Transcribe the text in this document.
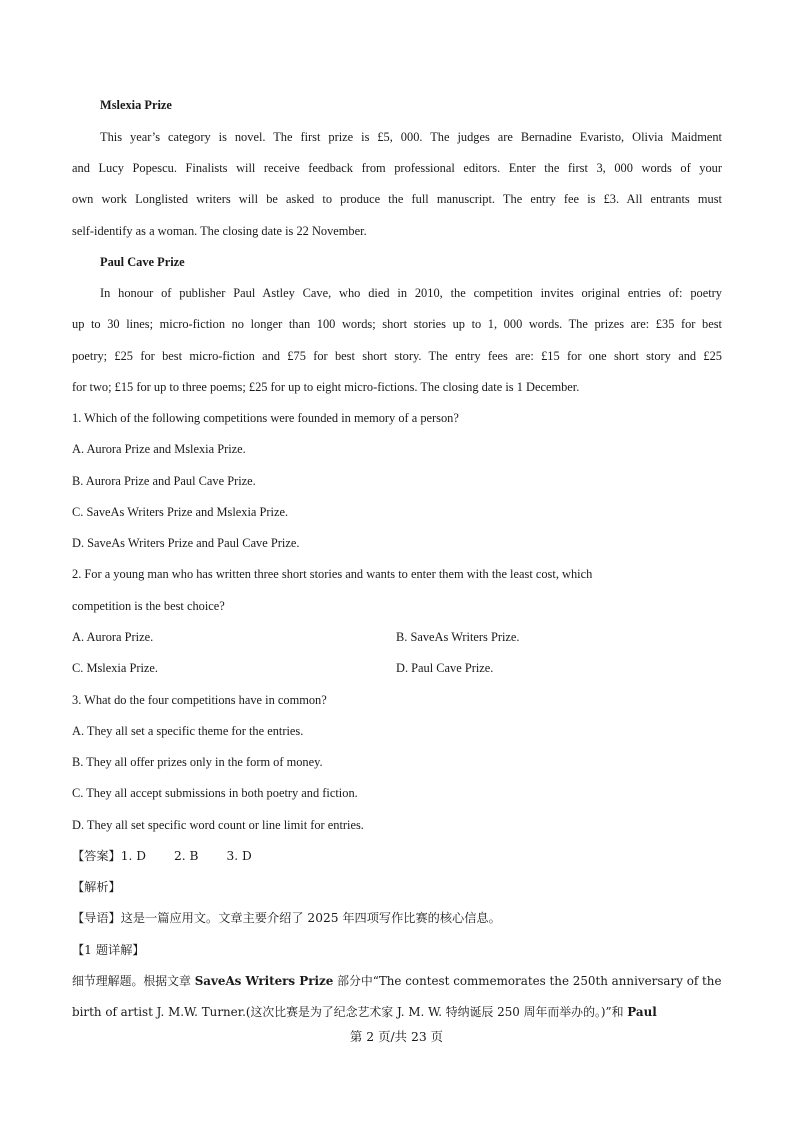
Mslexia Prize
This year’s category is novel. The first prize is £5, 000. The judges are Bernadine Evaristo, Olivia Maidment
and Lucy Popescu. Finalists will receive feedback from professional editors. Enter the first 3, 000 words of your
own work Longlisted writers will be asked to produce the full manuscript. The entry fee is £3. All entrants must
self-identify as a woman. The closing date is 22 November.
Paul Cave Prize
In honour of publisher Paul Astley Cave, who died in 2010, the competition invites original entries of: poetry
up to 30 lines; micro-fiction no longer than 100 words; short stories up to 1, 000 words. The prizes are: £35 for best
poetry; £25 for best micro-fiction and £75 for best short story. The entry fees are: £15 for one short story and £25
for two; £15 for up to three poems; £25 for up to eight micro-fictions. The closing date is 1 December.
1. Which of the following competitions were founded in memory of a person?
A. Aurora Prize and Mslexia Prize.
B. Aurora Prize and Paul Cave Prize.
C. SaveAs Writers Prize and Mslexia Prize.
D. SaveAs Writers Prize and Paul Cave Prize.
2. For a young man who has written three short stories and wants to enter them with the least cost, which
competition is the best choice?
A. Aurora Prize.	B. SaveAs Writers Prize.
C. Mslexia Prize.	D. Paul Cave Prize.
3. What do the four competitions have in common?
A. They all set a specific theme for the entries.
B. They all offer prizes only in the form of money.
C. They all accept submissions in both poetry and fiction.
D. They all set specific word count or line limit for entries.
【答案】1. D 2. B 3. D
【解析】
【导语】这是一篇应用文。文章主要介绍了 2025 年四项写作比赛的核心信息。
【1 题详解】
细节理解题。根据文章 SaveAs Writers Prize 部分中“The contest commemorates the 250th anniversary of the
birth of artist J. M.W. Turner.(这次比赛是为了纪念艺术家 J. M. W. 特纳诞辰 250 周年而举办的。)”和 Paul
第 2 页/共 23 页
